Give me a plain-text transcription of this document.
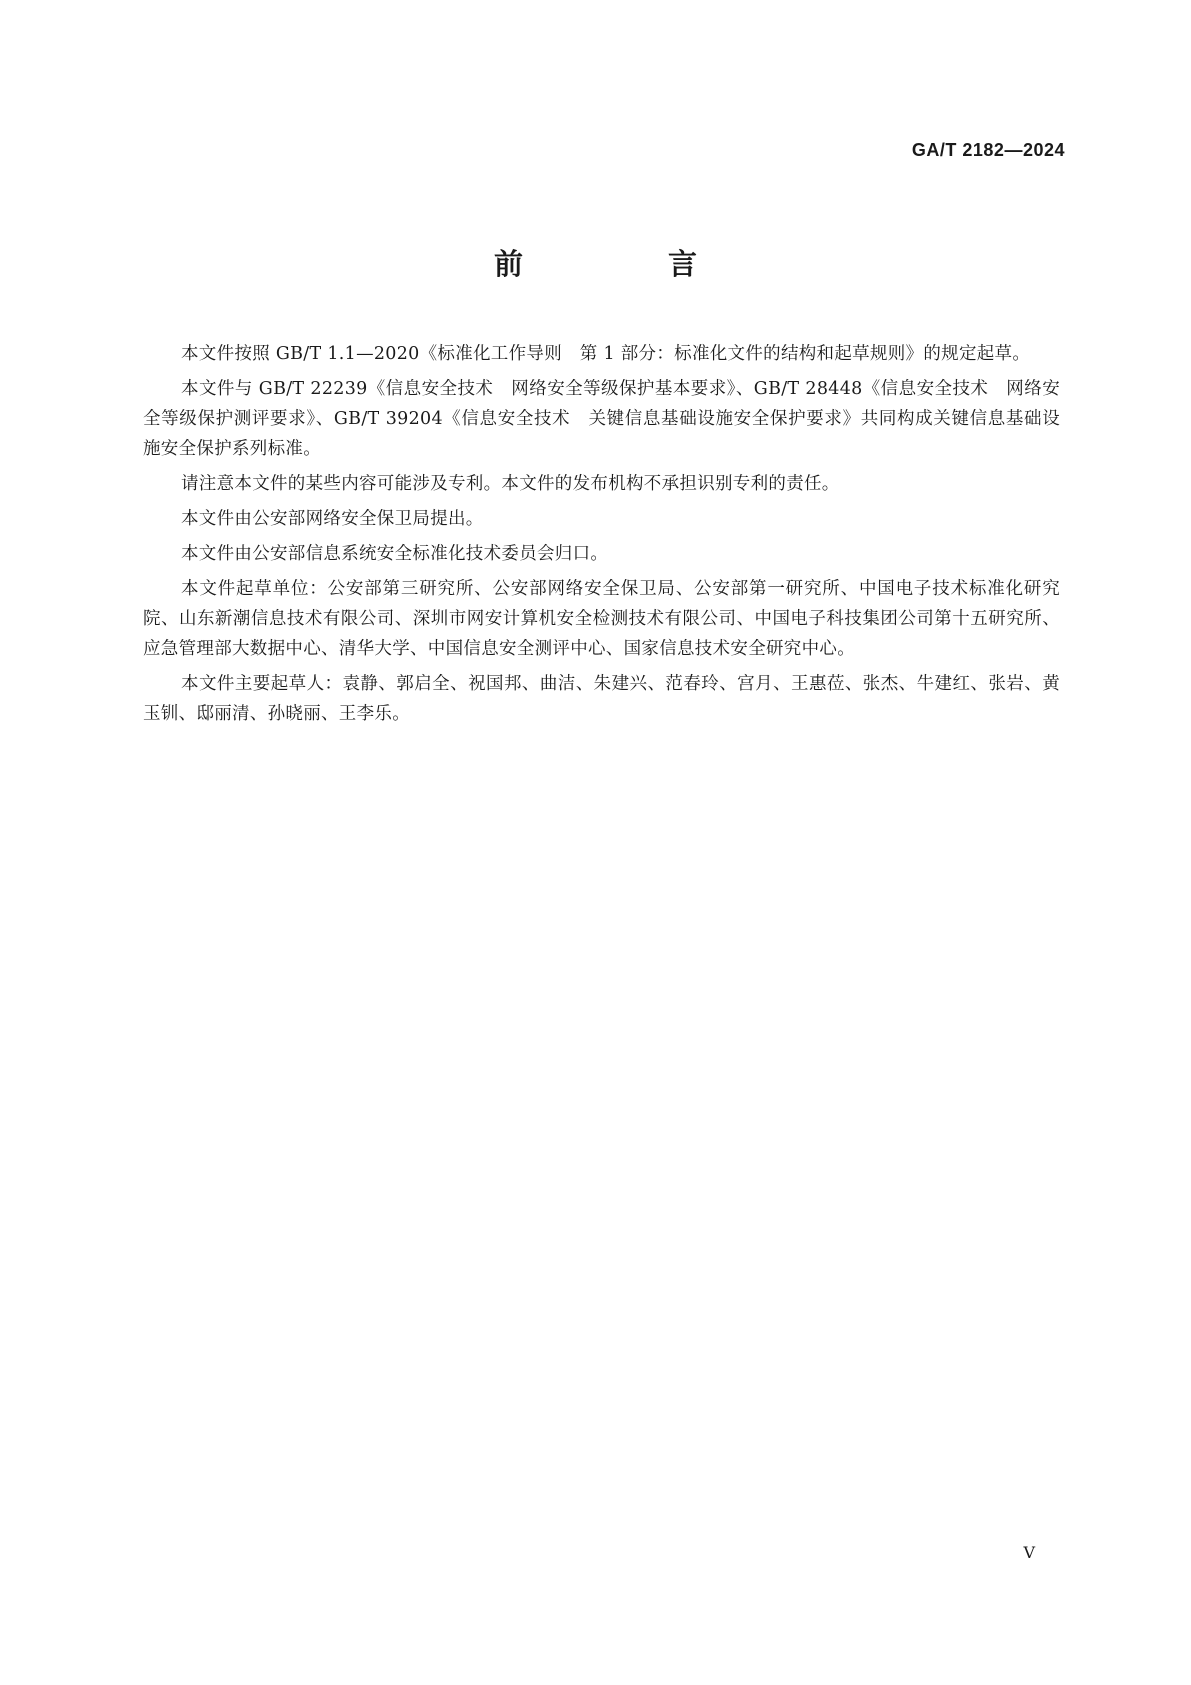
GA/T 2182—2024
前　言

本文件按照 GB/T 1.1—2020《标准化工作导则　第 1 部分：标准化文件的结构和起草规则》的规定起草。

本文件与 GB/T 22239《信息安全技术　网络安全等级保护基本要求》、GB/T 28448《信息安全技术　网络安全等级保护测评要求》、GB/T 39204《信息安全技术　关键信息基础设施安全保护要求》共同构成关键信息基础设施安全保护系列标准。

请注意本文件的某些内容可能涉及专利。本文件的发布机构不承担识别专利的责任。

本文件由公安部网络安全保卫局提出。

本文件由公安部信息系统安全标准化技术委员会归口。

本文件起草单位：公安部第三研究所、公安部网络安全保卫局、公安部第一研究所、中国电子技术标准化研究院、山东新潮信息技术有限公司、深圳市网安计算机安全检测技术有限公司、中国电子科技集团公司第十五研究所、应急管理部大数据中心、清华大学、中国信息安全测评中心、国家信息技术安全研究中心。

本文件主要起草人：袁静、郭启全、祝国邦、曲洁、朱建兴、范春玲、宫月、王惠莅、张杰、牛建红、张岩、黄玉钏、邸丽清、孙晓丽、王李乐。

V
